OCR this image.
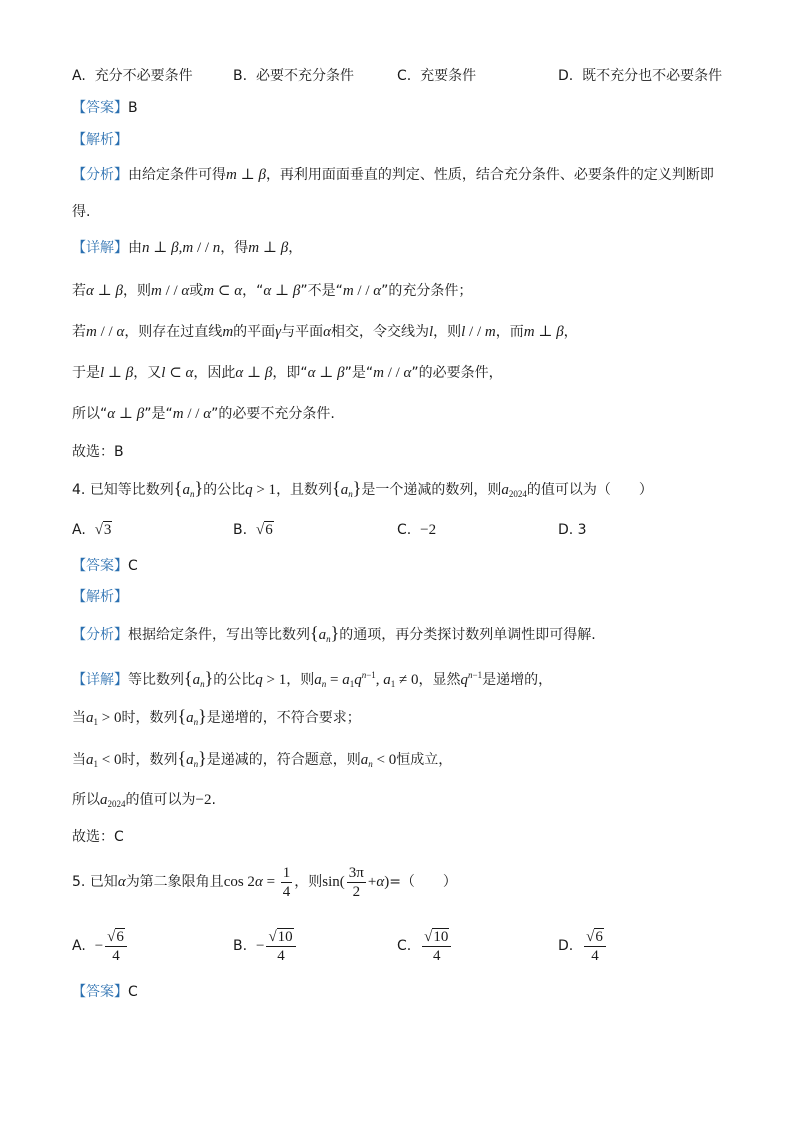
A. 充分不必要条件	B. 必要不充分条件	C. 充要条件	D. 既不充分也不必要条件
【答案】B
【解析】
【分析】由给定条件可得m ⊥ β，再利用面面垂直的判定、性质，结合充分条件、必要条件的定义判断即
得.
【详解】由n ⊥ β,m / / n，得m ⊥ β，
若α ⊥ β，则m / / α或m ⊂ α，“α ⊥ β”不是“m / / α”的充分条件；
若m / / α，则存在过直线m的平面γ与平面α相交，令交线为l，则l / / m，而m ⊥ β，
于是l ⊥ β，又l ⊂ α，因此α ⊥ β，即“α ⊥ β”是“m / / α”的必要条件，
所以“α ⊥ β”是“m / / α”的必要不充分条件.
故选：B
4. 已知等比数列$\{a_n\}$的公比q > 1，且数列$\{a_n\}$是一个递减的数列，则$a_{2024}$的值可以为（　　）
A. √3	B. √6	C. −2	D. 3
【答案】C
【解析】
【分析】根据给定条件，写出等比数列$\{a_n\}$的通项，再分类探讨数列单调性即可得解.
【详解】等比数列$\{a_n\}$的公比q > 1，则$a_n = a_1q^{n-1}$, $a_1 \ne 0$，显然$q^{n-1}$是递增的，
当$a_1 > 0$时，数列$\{a_n\}$是递增的，不符合要求；
当$a_1 < 0$时，数列$\{a_n\}$是递减的，符合题意，则$a_n < 0$恒成立，
所以$a_{2024}$的值可以为−2.
故选：C
5. 已知α为第二象限角且$\cos 2\alpha = \frac{1}{4}$ ，则$\sin( \frac{3\pi}{2} +\alpha)=$（　　）
A. − $\frac{√6}{4}$	B. − $\frac{√10}{4}$	C. $\frac{√10}{4}$	D. $\frac{√6}{4}$
【答案】C
